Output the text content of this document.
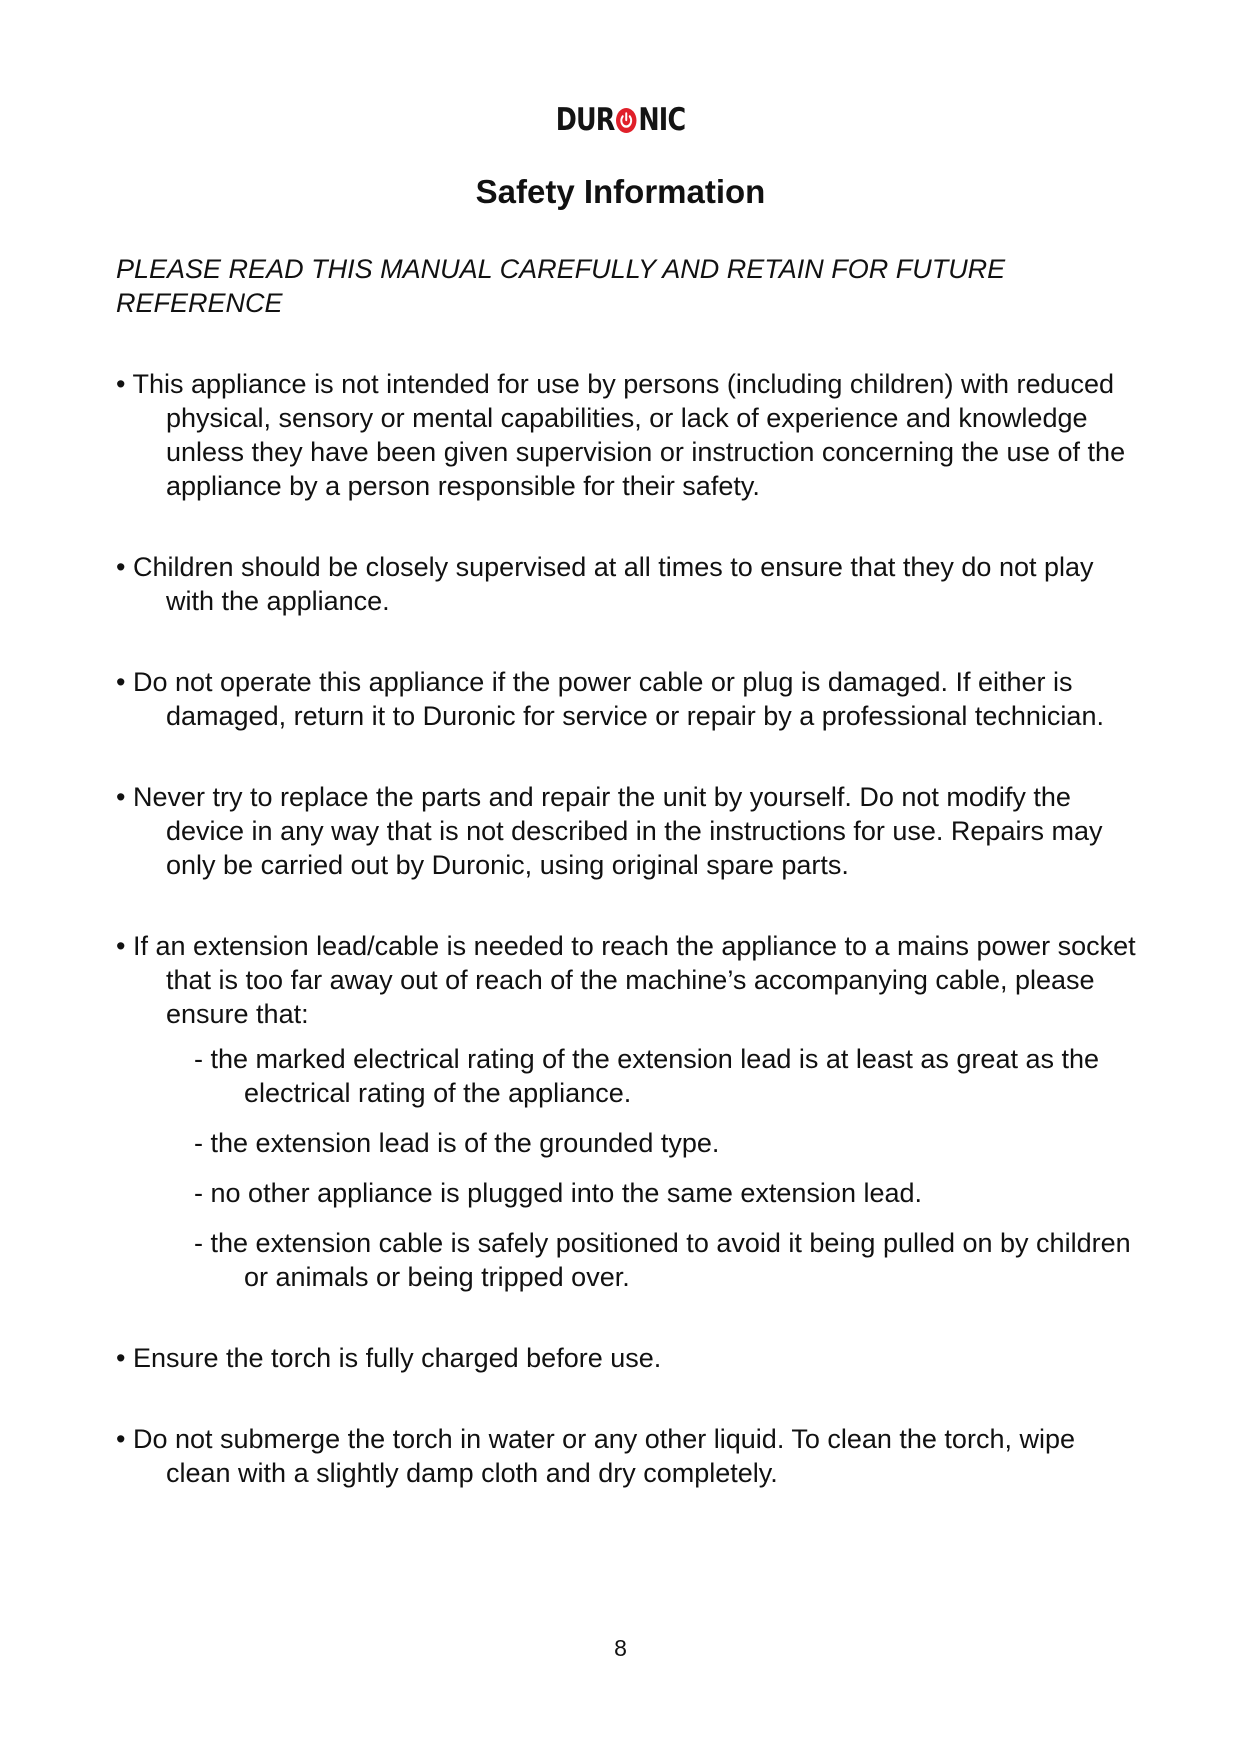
DUR NIC
Safety Information
PLEASE READ THIS MANUAL CAREFULLY AND RETAIN FOR FUTURE REFERENCE
• This appliance is not intended for use by persons (including children) with reduced physical, sensory or mental capabilities, or lack of experience and knowledge unless they have been given supervision or instruction concerning the use of the appliance by a person responsible for their safety.
• Children should be closely supervised at all times to ensure that they do not play with the appliance.
• Do not operate this appliance if the power cable or plug is damaged. If either is damaged, return it to Duronic for service or repair by a professional technician.
• Never try to replace the parts and repair the unit by yourself. Do not modify the device in any way that is not described in the instructions for use. Repairs may only be carried out by Duronic, using original spare parts.
• If an extension lead/cable is needed to reach the appliance to a mains power socket that is too far away out of reach of the machine’s accompanying cable, please ensure that:
- the marked electrical rating of the extension lead is at least as great as the electrical rating of the appliance.
- the extension lead is of the grounded type.
- no other appliance is plugged into the same extension lead.
- the extension cable is safely positioned to avoid it being pulled on by children or animals or being tripped over.
• Ensure the torch is fully charged before use.
• Do not submerge the torch in water or any other liquid. To clean the torch, wipe clean with a slightly damp cloth and dry completely.
8
